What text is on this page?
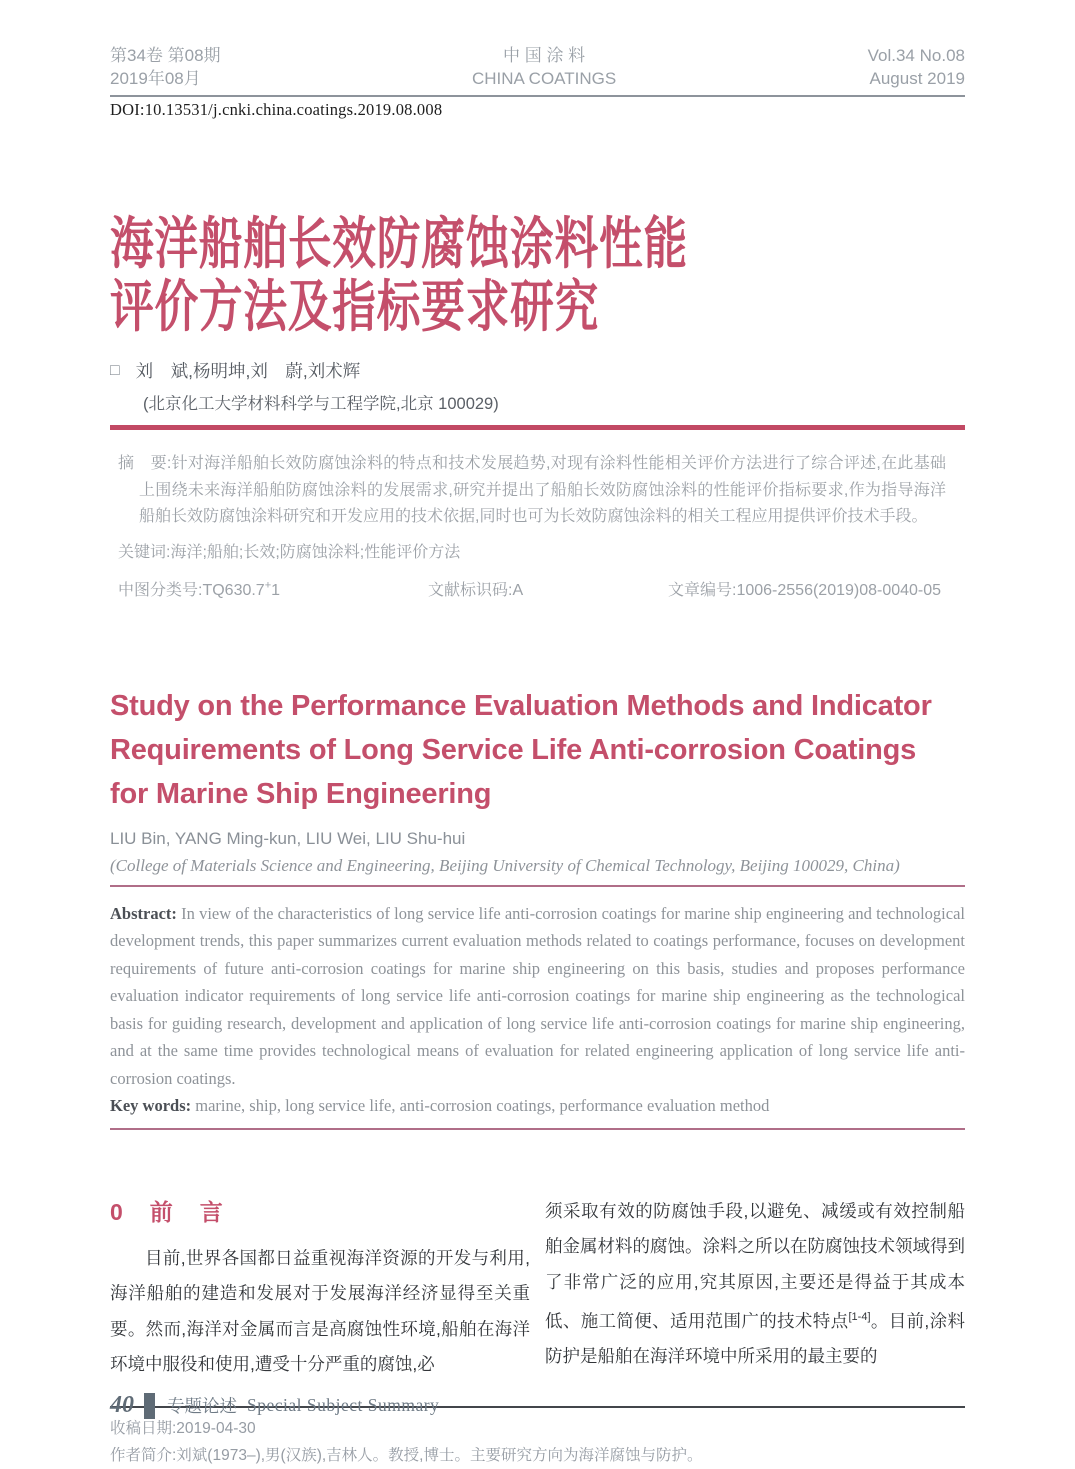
第34卷 第08期
2019年08月
中 国 涂 料
CHINA COATINGS
Vol.34 No.08
August 2019
DOI:10.13531/j.cnki.china.coatings.2019.08.008
海洋船舶长效防腐蚀涂料性能
评价方法及指标要求研究
□ 刘　斌,杨明坤,刘　蔚,刘术辉
(北京化工大学材料科学与工程学院,北京 100029)

摘　要:针对海洋船舶长效防腐蚀涂料的特点和技术发展趋势,对现有涂料性能相关评价方法进行了综合评述,在此基础上围绕未来海洋船舶防腐蚀涂料的发展需求,研究并提出了船舶长效防腐蚀涂料的性能评价指标要求,作为指导海洋船舶长效防腐蚀涂料研究和开发应用的技术依据,同时也可为长效防腐蚀涂料的相关工程应用提供评价技术手段。

关键词:海洋;船舶;长效;防腐蚀涂料;性能评价方法
中图分类号:TQ630.7+1	文献标识码:A	文章编号:1006-2556(2019)08-0040-05
Study on the Performance Evaluation Methods and Indicator
Requirements of Long Service Life Anti-corrosion Coatings
for Marine Ship Engineering
LIU Bin, YANG Ming-kun, LIU Wei, LIU Shu-hui
(College of Materials Science and Engineering, Beijing University of Chemical Technology, Beijing 100029, China)

Abstract: In view of the characteristics of long service life anti-corrosion coatings for marine ship engineering and technological development trends, this paper summarizes current evaluation methods related to coatings performance, focuses on development requirements of future anti-corrosion coatings for marine ship engineering on this basis, studies and proposes performance evaluation indicator requirements of long service life anti-corrosion coatings for marine ship engineering as the technological basis for guiding research, development and application of long service life anti-corrosion coatings for marine ship engineering, and at the same time provides technological means of evaluation for related engineering application of long service life anti-corrosion coatings.

Key words: marine, ship, long service life, anti-corrosion coatings, performance evaluation method

0　前　言

目前,世界各国都日益重视海洋资源的开发与利用,海洋船舶的建造和发展对于发展海洋经济显得至关重要。然而,海洋对金属而言是高腐蚀性环境,船舶在海洋环境中服役和使用,遭受十分严重的腐蚀,必

须采取有效的防腐蚀手段,以避免、减缓或有效控制船舶金属材料的腐蚀。涂料之所以在防腐蚀技术领域得到了非常广泛的应用,究其原因,主要还是得益于其成本低、施工简便、适用范围广的技术特点[1-4]。目前,涂料防护是船舶在海洋环境中所采用的最主要的

收稿日期:2019-04-30
作者简介:刘斌(1973–),男(汉族),吉林人。教授,博士。主要研究方向为海洋腐蚀与防护。
40 专题论述 Special Subject Summary
